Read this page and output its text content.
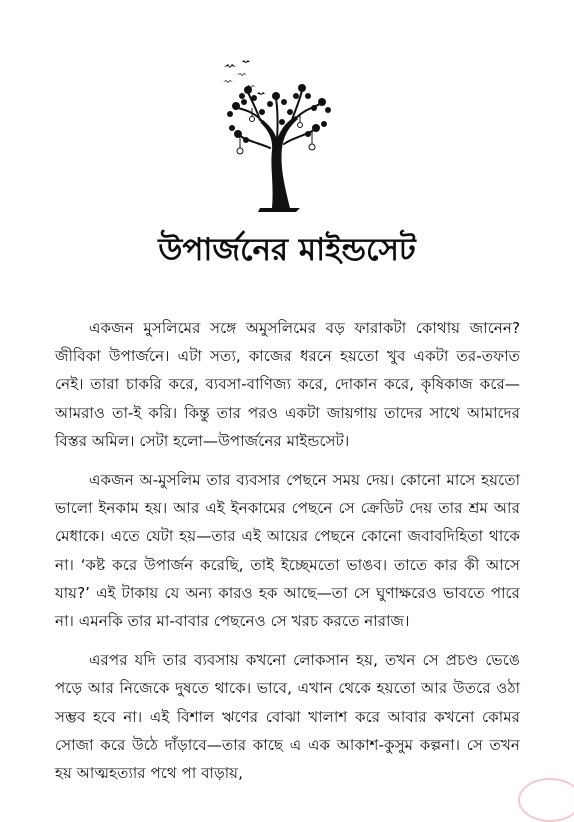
উপার্জনের মাইন্ডসেট

একজন মুসলিমের সঙ্গে অমুসলিমের বড় ফারাকটা কোথায় জানেন? জীবিকা উপার্জনে। এটা সত্য, কাজের ধরনে হয়তো খুব একটা তর-তফাত নেই। তারা চাকরি করে, ব্যবসা-বাণিজ্য করে, দোকান করে, কৃষিকাজ করে—আমরাও তা-ই করি। কিন্তু তার পরও একটা জায়গায় তাদের সাথে আমাদের বিস্তর অমিল। সেটা হলো—উপার্জনের মাইন্ডসেট।

একজন অ-মুসলিম তার ব্যবসার পেছনে সময় দেয়। কোনো মাসে হয়তো ভালো ইনকাম হয়। আর এই ইনকামের পেছনে সে ক্রেডিট দেয় তার শ্রম আর মেধাকে। এতে যেটা হয়—তার এই আয়ের পেছনে কোনো জবাবদিহিতা থাকে না। ‘কষ্ট করে উপার্জন করেছি, তাই ইচ্ছেমতো ভাঙব। তাতে কার কী আসে যায়?’ এই টাকায় যে অন্য কারও হক আছে—তা সে ঘুণাক্ষরেও ভাবতে পারে না। এমনকি তার মা-বাবার পেছনেও সে খরচ করতে নারাজ।

এরপর যদি তার ব্যবসায় কখনো লোকসান হয়, তখন সে প্রচণ্ড ভেঙে পড়ে আর নিজেকে দুষতে থাকে। ভাবে, এখান থেকে হয়তো আর উতরে ওঠা সম্ভব হবে না। এই বিশাল ঋণের বোঝা খালাশ করে আবার কখনো কোমর সোজা করে উঠে দাঁড়াবে—তার কাছে এ এক আকাশ-কুসুম কল্পনা। সে তখন হয় আত্মহত্যার পথে পা বাড়ায়,
